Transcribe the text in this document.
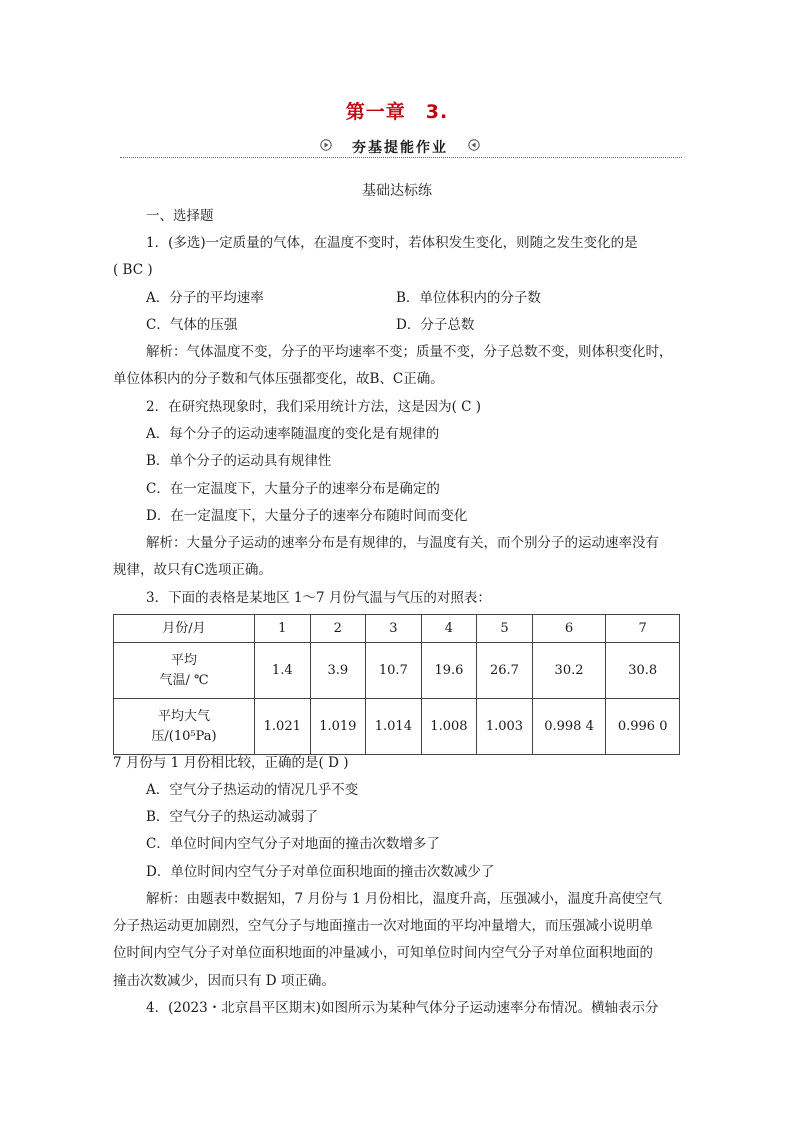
第一章　3.
夯基提能作业
基础达标练
一、选择题
1．(多选)一定质量的气体，在温度不变时，若体积发生变化，则随之发生变化的是
( BC )
A．分子的平均速率	B．单位体积内的分子数
C．气体的压强	D．分子总数
解析：气体温度不变，分子的平均速率不变；质量不变，分子总数不变，则体积变化时，
单位体积内的分子数和气体压强都变化，故B、C正确。
2．在研究热现象时，我们采用统计方法，这是因为( C )
A．每个分子的运动速率随温度的变化是有规律的
B．单个分子的运动具有规律性
C．在一定温度下，大量分子的速率分布是确定的
D．在一定温度下，大量分子的速率分布随时间而变化
解析：大量分子运动的速率分布是有规律的，与温度有关，而个别分子的运动速率没有
规律，故只有C选项正确。
3．下面的表格是某地区 1～7 月份气温与气压的对照表：
月份/月	1	2	3	4	5	6	7

平均
气温/ ℃	1.4	3.9	10.7	19.6	26.7	30.2	30.8

平均大气
压/(10⁵Pa)	1.021	1.019	1.014	1.008	1.003	0.998 4	0.996 0
7 月份与 1 月份相比较，正确的是( D )
A．空气分子热运动的情况几乎不变
B．空气分子的热运动减弱了
C．单位时间内空气分子对地面的撞击次数增多了
D．单位时间内空气分子对单位面积地面的撞击次数减少了
解析：由题表中数据知，7 月份与 1 月份相比，温度升高，压强减小，温度升高使空气
分子热运动更加剧烈，空气分子与地面撞击一次对地面的平均冲量增大，而压强减小说明单
位时间内空气分子对单位面积地面的冲量减小，可知单位时间内空气分子对单位面积地面的
撞击次数减少，因而只有 D 项正确。
4．(2023・北京昌平区期末)如图所示为某种气体分子运动速率分布情况。横轴表示分
